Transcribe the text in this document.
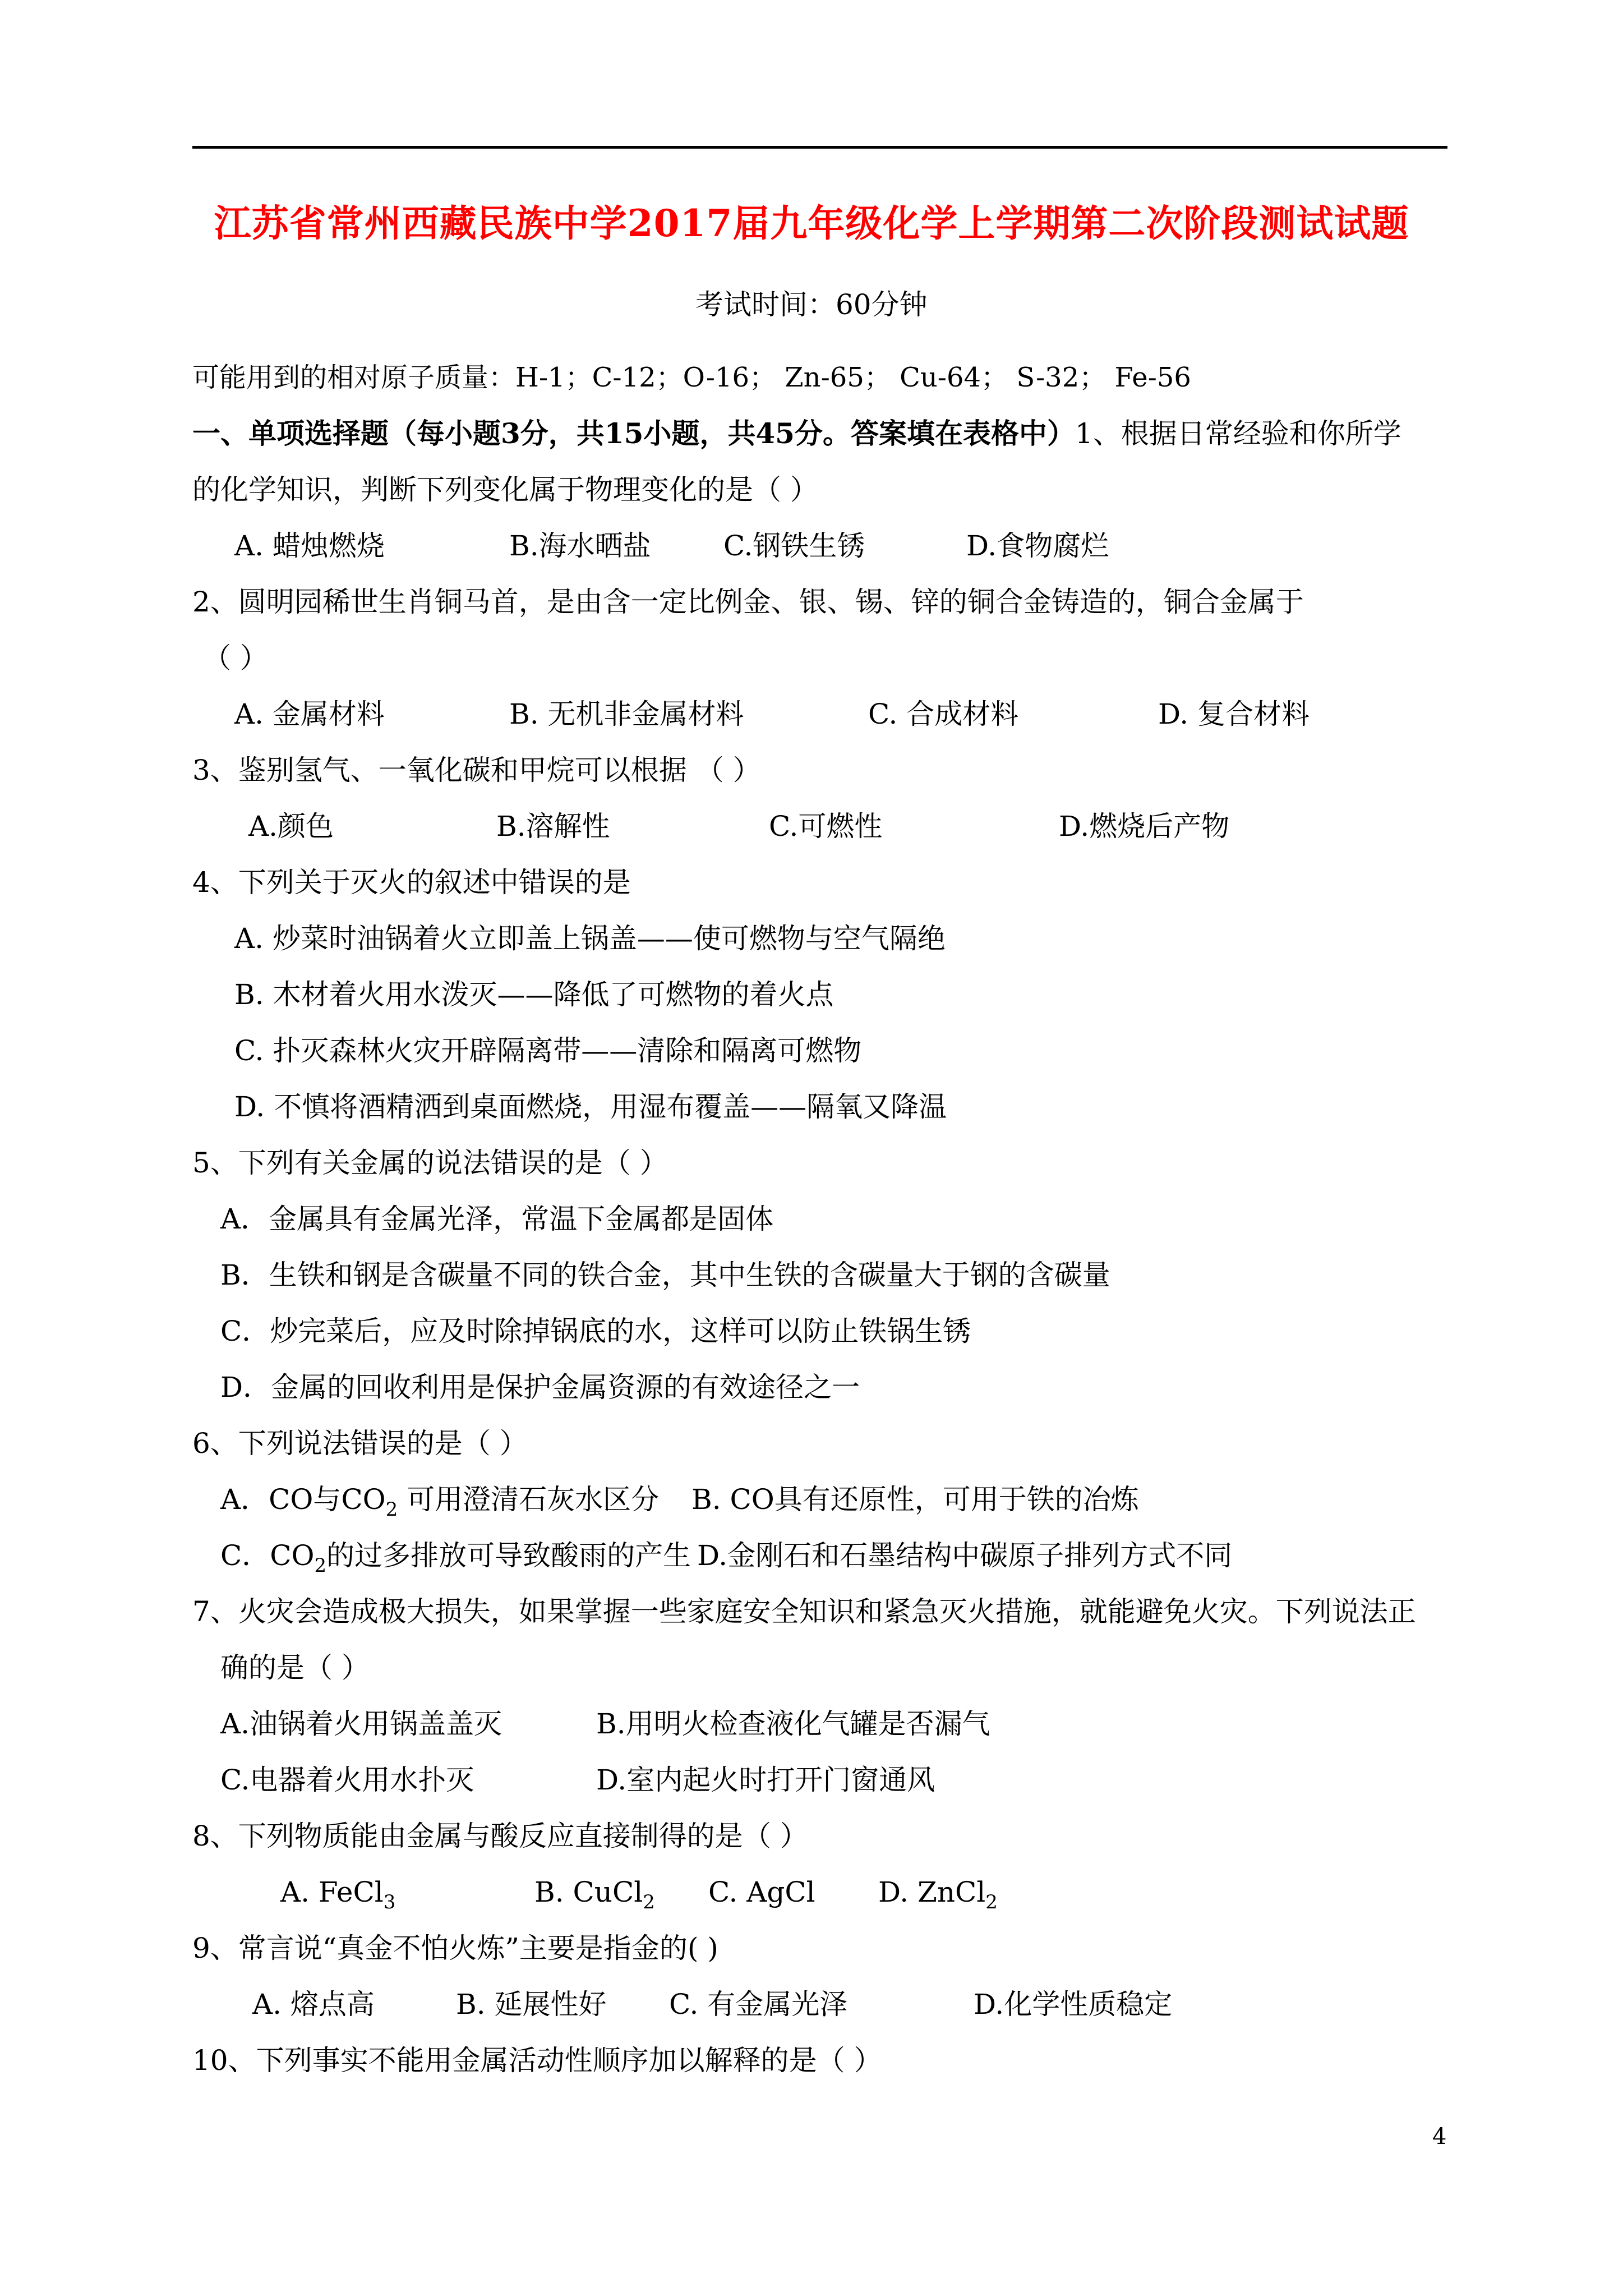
江苏省常州西藏民族中学2017届九年级化学上学期第二次阶段测试试题
考试时间：60分钟
可能用到的相对原子质量：H-1；C-12；O-16； Zn-65； Cu-64； S-32； Fe-56
一、单项选择题（每小题3分，共15小题，共45分。答案填在表格中）1、根据日常经验和你所学
的化学知识，判断下列变化属于物理变化的是（ ）
A. 蜡烛燃烧	B.海水晒盐	C.钢铁生锈	D.食物腐烂
2、圆明园稀世生肖铜马首，是由含一定比例金、银、锡、锌的铜合金铸造的，铜合金属于
（ ）
A. 金属材料	B. 无机非金属材料	C. 合成材料	D. 复合材料
3、鉴别氢气、一氧化碳和甲烷可以根据 （ ）
A.颜色	B.溶解性	C.可燃性	D.燃烧后产物
4、下列关于灭火的叙述中错误的是
A. 炒菜时油锅着火立即盖上锅盖——使可燃物与空气隔绝
B. 木材着火用水泼灭——降低了可燃物的着火点
C. 扑灭森林火灾开辟隔离带——清除和隔离可燃物
D. 不慎将酒精洒到桌面燃烧，用湿布覆盖——隔氧又降温
5、下列有关金属的说法错误的是（ ）
A．金属具有金属光泽，常温下金属都是固体
B．生铁和钢是含碳量不同的铁合金，其中生铁的含碳量大于钢的含碳量
C．炒完菜后，应及时除掉锅底的水，这样可以防止铁锅生锈
D．金属的回收利用是保护金属资源的有效途径之一
6、下列说法错误的是（ ）
A．CO与$CO_2$ 可用澄清石灰水区分 B. CO具有还原性，可用于铁的冶炼
C．$CO_2$的过多排放可导致酸雨的产生 D.金刚石和石墨结构中碳原子排列方式不同
7、火灾会造成极大损失，如果掌握一些家庭安全知识和紧急灭火措施，就能避免火灾。下列说法正
确的是（ ）
A.油锅着火用锅盖盖灭	B.用明火检查液化气罐是否漏气
C.电器着火用水扑灭	D.室内起火时打开门窗通风
8、下列物质能由金属与酸反应直接制得的是（ ）
A. FeCl$_3$	B. CuCl$_2$ C. AgCl D. ZnCl$_2$
9、常言说“真金不怕火炼”主要是指金的( )
A. 熔点高	B. 延展性好 C. 有金属光泽	D.化学性质稳定
10、下列事实不能用金属活动性顺序加以解释的是（ ）
4
